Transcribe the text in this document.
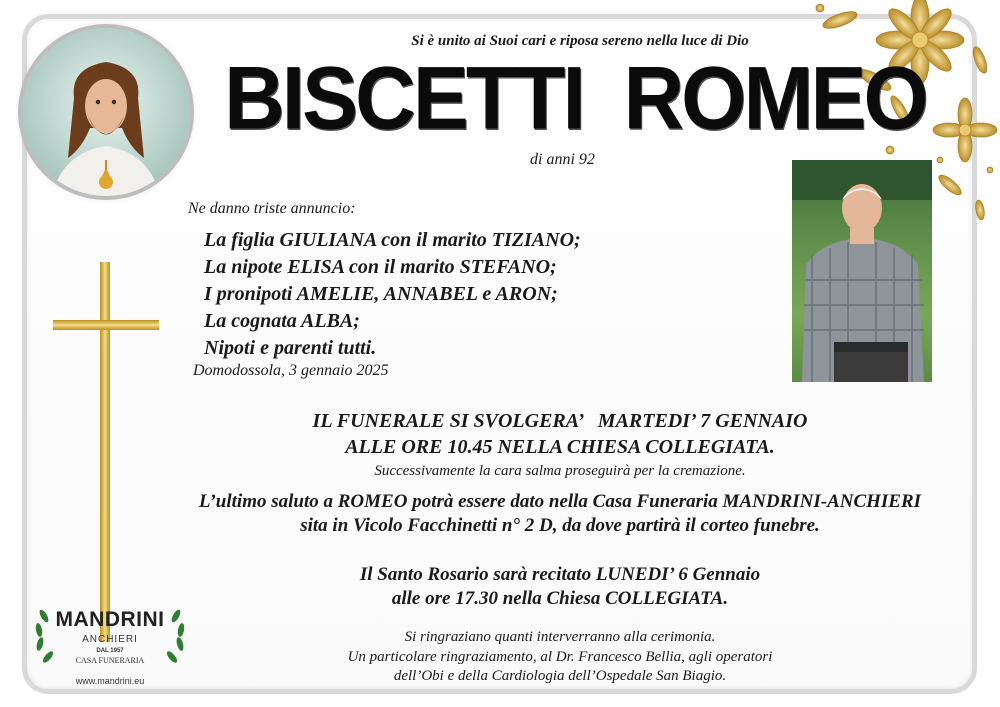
Si è unito ai Suoi cari e riposa sereno nella luce di Dio
BISCETTI  ROMEO
di anni 92
Ne danno triste annuncio:
La figlia GIULIANA con il marito TIZIANO;
La nipote ELISA con il marito STEFANO;
I pronipoti AMELIE, ANNABEL e ARON;
La cognata ALBA;
Nipoti e parenti tutti.
Domodossola, 3 gennaio 2025
IL FUNERALE SI SVOLGERA’   MARTEDI’ 7 GENNAIO
ALLE ORE 10.45 NELLA CHIESA COLLEGIATA.
Successivamente la cara salma proseguirà per la cremazione.
L’ultimo saluto a ROMEO potrà essere dato nella Casa Funeraria MANDRINI-ANCHIERI
sita in Vicolo Facchinetti n° 2 D, da dove partirà il corteo funebre.
Il Santo Rosario sarà recitato LUNEDI’ 6 Gennaio
alle ore 17.30 nella Chiesa COLLEGIATA.
Si ringraziano quanti interverranno alla cerimonia.
Un particolare ringraziamento, al Dr. Francesco Bellia, agli operatori
dell’Obi e della Cardiologia dell’Ospedale San Biagio.
MANDRINI
ANCHIERI
DAL 1957
CASA FUNERARIA
www.mandrini.eu
